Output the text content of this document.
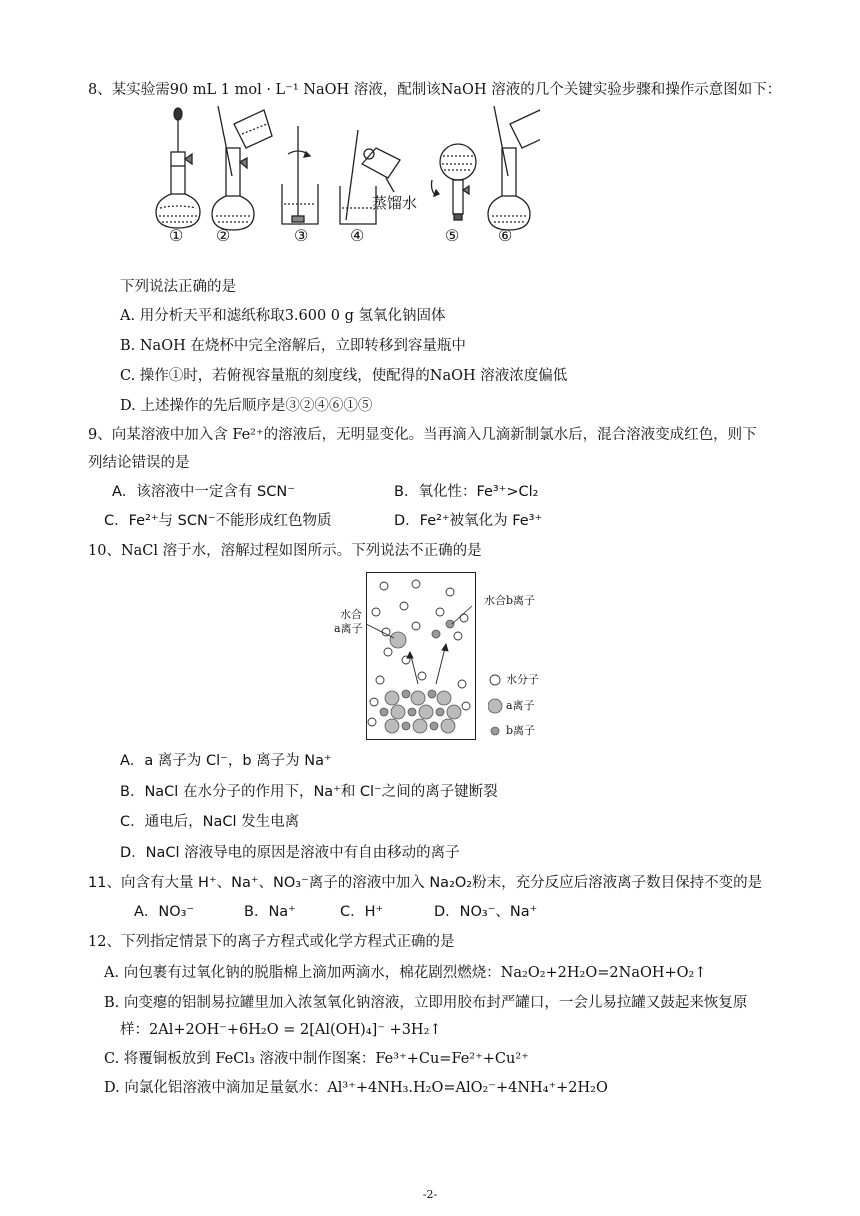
8、某实验需90 mL 1 mol · L⁻¹ NaOH 溶液，配制该NaOH 溶液的几个关键实验步骤和操作示意图如下：
蒸馏水
① ②	③	④	⑤ ⑥
下列说法正确的是
A. 用分析天平和滤纸称取3.600 0 g 氢氧化钠固体
B. NaOH 在烧杯中完全溶解后，立即转移到容量瓶中
C. 操作①时，若俯视容量瓶的刻度线，使配得的NaOH 溶液浓度偏低
D. 上述操作的先后顺序是③②④⑥①⑤
9、向某溶液中加入含 Fe²⁺的溶液后，无明显变化。当再滴入几滴新制氯水后，混合溶液变成红色，则下
列结论错误的是
A．该溶液中一定含有 SCN⁻	B．氧化性：Fe³⁺>Cl₂
C．Fe²⁺与 SCN⁻不能形成红色物质	D．Fe²⁺被氧化为 Fe³⁺
10、NaCl 溶于水，溶解过程如图所示。下列说法不正确的是
水合
a离子
水合b离子
水分子
a离子
b离子
A．a 离子为 Cl⁻，b 离子为 Na⁺
B．NaCl 在水分子的作用下，Na⁺和 Cl⁻之间的离子键断裂
C．通电后，NaCl 发生电离
D．NaCl 溶液导电的原因是溶液中有自由移动的离子
11、向含有大量 H⁺、Na⁺、NO₃⁻离子的溶液中加入 Na₂O₂粉末，充分反应后溶液离子数目保持不变的是
A．NO₃⁻	B．Na⁺	C．H⁺	D．NO₃⁻、Na⁺
12、下列指定情景下的离子方程式或化学方程式正确的是
A. 向包裹有过氧化钠的脱脂棉上滴加两滴水，棉花剧烈燃烧：Na₂O₂+2H₂O=2NaOH+O₂↑
B. 向变瘪的铝制易拉罐里加入浓氢氧化钠溶液，立即用胶布封严罐口，一会儿易拉罐又鼓起来恢复原
样：2Al+2OH⁻+6H₂O = 2[Al(OH)₄]⁻ +3H₂↑
C. 将覆铜板放到 FeCl₃ 溶液中制作图案：Fe³⁺+Cu=Fe²⁺+Cu²⁺
D. 向氯化铝溶液中滴加足量氨水：Al³⁺+4NH₃.H₂O=AlO₂⁻+4NH₄⁺+2H₂O
-2-
